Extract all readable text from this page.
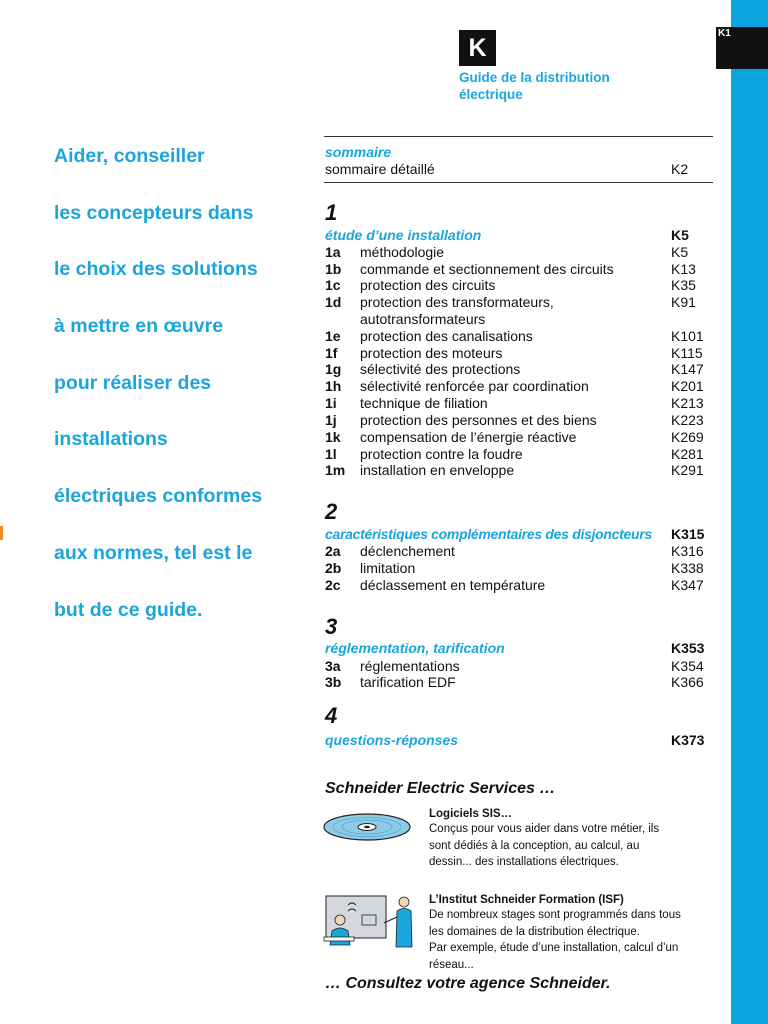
K1
K
Guide de la distribution
électrique
Aider, conseiller
les concepteurs dans
le choix des solutions
à mettre en œuvre
pour réaliser des
installations
électriques conformes
aux normes, tel est le
but de ce guide.
sommaire
sommaire détaillé	K2
1
étude d’une installation	K5
1a méthodologie	K5
1b commande et sectionnement des circuits	K13
1c protection des circuits	K35
1d protection des transformateurs,	K91
autotransformateurs
1e protection des canalisations	K101
1f protection des moteurs	K115
1g sélectivité des protections	K147
1h sélectivité renforcée par coordination	K201
1i technique de filiation	K213
1j protection des personnes et des biens	K223
1k compensation de l’énergie réactive	K269
1l protection contre la foudre	K281
1m installation en enveloppe	K291
2
caractéristiques complémentaires des disjoncteurs K315
2a déclenchement	K316
2b limitation	K338
2c déclassement en température	K347
3
réglementation, tarification	K353
3a réglementations	K354
3b tarification EDF	K366
4
questions-réponses	K373
Schneider Electric Services …
Logiciels SIS…
Conçus pour vous aider dans votre métier, ils
sont dédiés à la conception, au calcul, au
dessin... des installations électriques.
L’Institut Schneider Formation (ISF)
De nombreux stages sont programmés dans tous
les domaines de la distribution électrique.
Par exemple, étude d’une installation, calcul d’un
réseau...
… Consultez votre agence Schneider.
